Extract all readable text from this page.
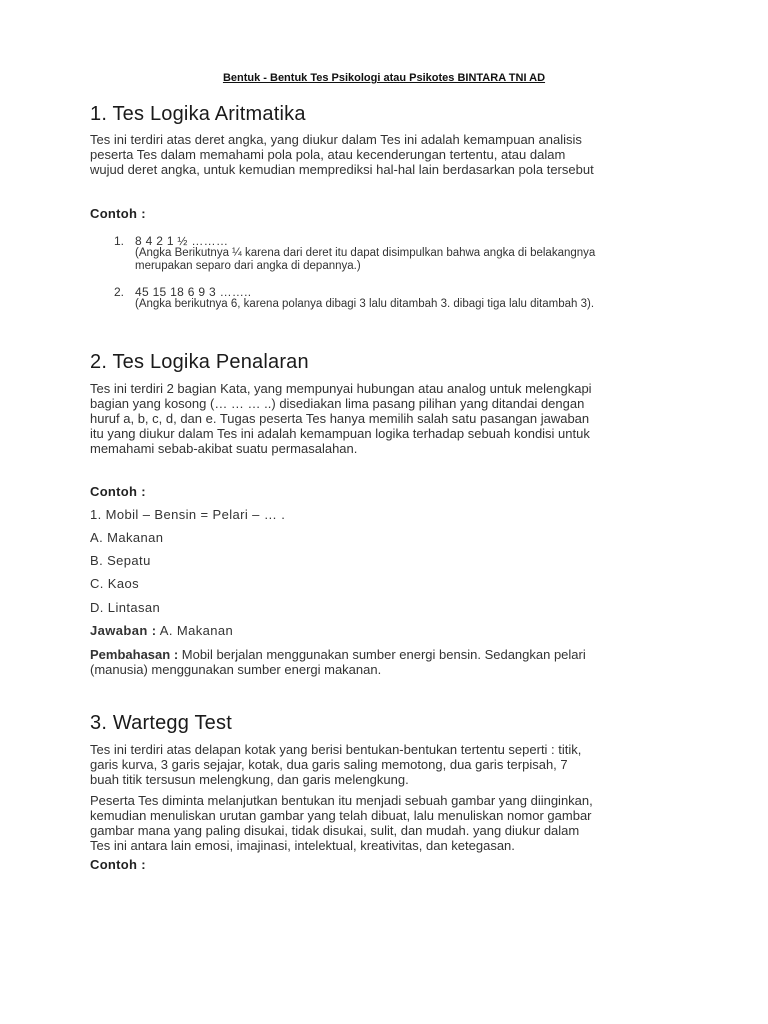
Bentuk - Bentuk Tes Psikologi atau Psikotes BINTARA TNI AD
1. Tes Logika Aritmatika
Tes ini terdiri atas deret angka, yang diukur dalam Tes ini adalah kemampuan analisis
peserta Tes dalam memahami pola pola, atau kecenderungan tertentu, atau dalam
wujud deret angka, untuk kemudian memprediksi hal-hal lain berdasarkan pola tersebut
Contoh :
1. 8 4 2 1 ½ ………
(Angka Berikutnya ¼ karena dari deret itu dapat disimpulkan bahwa angka di belakangnya
merupakan separo dari angka di depannya.)
2. 45 15 18 6 9 3 ……..
(Angka berikutnya 6, karena polanya dibagi 3 lalu ditambah 3. dibagi tiga lalu ditambah 3).
2. Tes Logika Penalaran
Tes ini terdiri 2 bagian Kata, yang mempunyai hubungan atau analog untuk melengkapi
bagian yang kosong (… … … ..) disediakan lima pasang pilihan yang ditandai dengan
huruf a, b, c, d, dan e. Tugas peserta Tes hanya memilih salah satu pasangan jawaban
itu yang diukur dalam Tes ini adalah kemampuan logika terhadap sebuah kondisi untuk
memahami sebab-akibat suatu permasalahan.
Contoh :
1. Mobil – Bensin = Pelari – … .
A. Makanan
B. Sepatu
C. Kaos
D. Lintasan
Jawaban : A. Makanan
Pembahasan : Mobil berjalan menggunakan sumber energi bensin. Sedangkan pelari
(manusia) menggunakan sumber energi makanan.
3. Wartegg Test
Tes ini terdiri atas delapan kotak yang berisi bentukan-bentukan tertentu seperti : titik,
garis kurva, 3 garis sejajar, kotak, dua garis saling memotong, dua garis terpisah, 7
buah titik tersusun melengkung, dan garis melengkung.
Peserta Tes diminta melanjutkan bentukan itu menjadi sebuah gambar yang diinginkan,
kemudian menuliskan urutan gambar yang telah dibuat, lalu menuliskan nomor gambar
gambar mana yang paling disukai, tidak disukai, sulit, dan mudah. yang diukur dalam
Tes ini antara lain emosi, imajinasi, intelektual, kreativitas, dan ketegasan.
Contoh :
